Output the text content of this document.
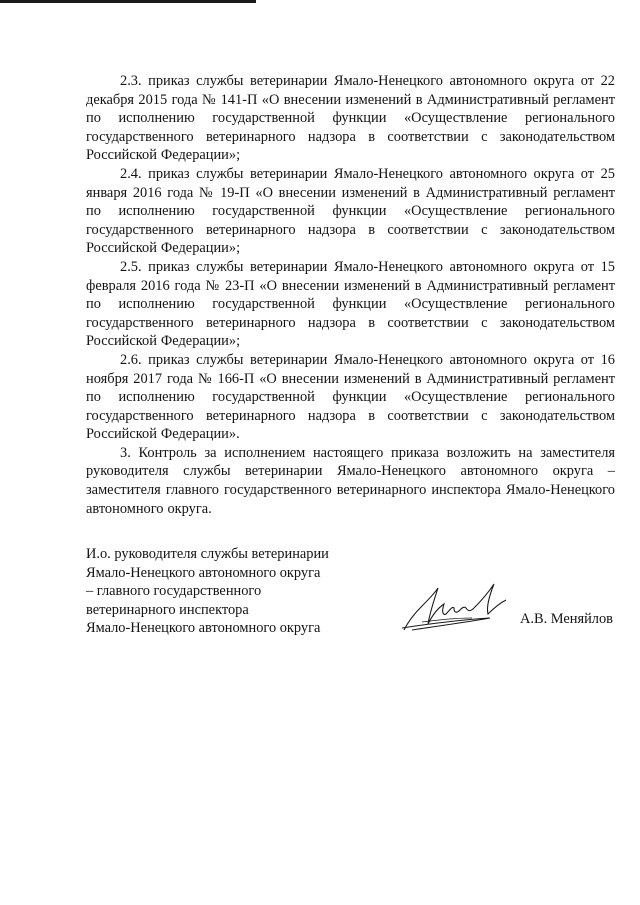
2.3. приказ службы ветеринарии Ямало-Ненецкого автономного округа от 22 декабря 2015 года № 141-П «О внесении изменений в Административный регламент по исполнению государственной функции «Осуществление регионального государственного ветеринарного надзора в соответствии с законодательством Российской Федерации»;

2.4. приказ службы ветеринарии Ямало-Ненецкого автономного округа от 25 января 2016 года № 19-П «О внесении изменений в Административный регламент по исполнению государственной функции «Осуществление регионального государственного ветеринарного надзора в соответствии с законодательством Российской Федерации»;

2.5. приказ службы ветеринарии Ямало-Ненецкого автономного округа от 15 февраля 2016 года № 23-П «О внесении изменений в Административный регламент по исполнению государственной функции «Осуществление регионального государственного ветеринарного надзора в соответствии с законодательством Российской Федерации»;

2.6. приказ службы ветеринарии Ямало-Ненецкого автономного округа от 16 ноября 2017 года № 166-П «О внесении изменений в Административный регламент по исполнению государственной функции «Осуществление регионального государственного ветеринарного надзора в соответствии с законодательством Российской Федерации».

3. Контроль за исполнением настоящего приказа возложить на заместителя руководителя службы ветеринарии Ямало-Ненецкого автономного округа – заместителя главного государственного ветеринарного инспектора Ямало-Ненецкого автономного округа.

И.о. руководителя службы ветеринарии
Ямало-Ненецкого автономного округа
– главного государственного
ветеринарного инспектора
Ямало-Ненецкого автономного округа
А.В. Меняйлов
